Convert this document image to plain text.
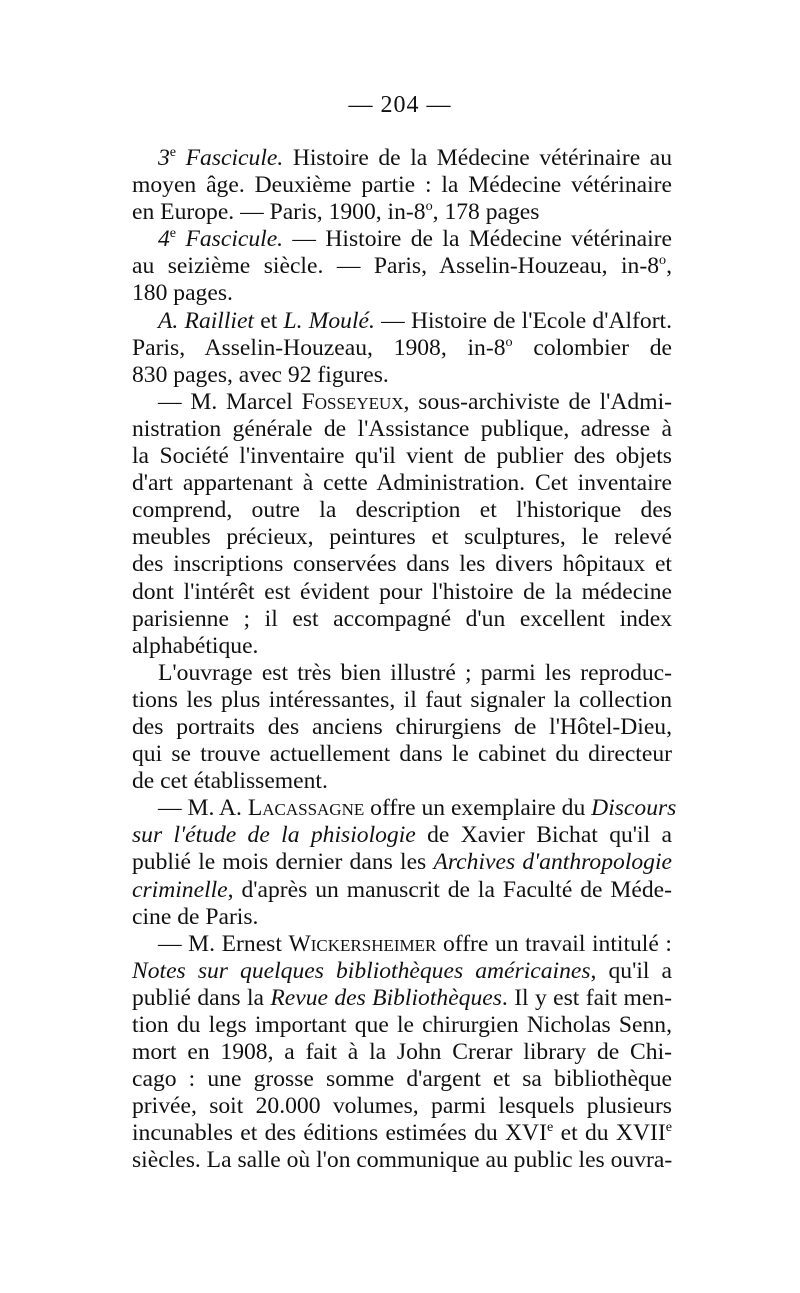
— 204 —
3e Fascicule. Histoire de la Médecine vétérinaire au
moyen âge. Deuxième partie : la Médecine vétérinaire
en Europe. — Paris, 1900, in-8$^o$, 178 pages
4e Fascicule. — Histoire de la Médecine vétérinaire
au seizième siècle. — Paris, Asselin-Houzeau, in-8$^o$,
180 pages.
A. Railliet et L. Moulé. — Histoire de l'Ecole d'Alfort.
Paris, Asselin-Houzeau, 1908, in-8$^o$ colombier de
830 pages, avec 92 figures.
— M. Marcel Fosseyeux, sous-archiviste de l'Admi-
nistration générale de l'Assistance publique, adresse à
la Société l'inventaire qu'il vient de publier des objets
d'art appartenant à cette Administration. Cet inventaire
comprend, outre la description et l'historique des
meubles précieux, peintures et sculptures, le relevé
des inscriptions conservées dans les divers hôpitaux et
dont l'intérêt est évident pour l'histoire de la médecine
parisienne ; il est accompagné d'un excellent index
alphabétique.
L'ouvrage est très bien illustré ; parmi les reproduc-
tions les plus intéressantes, il faut signaler la collection
des portraits des anciens chirurgiens de l'Hôtel-Dieu,
qui se trouve actuellement dans le cabinet du directeur
de cet établissement.
— M. A. Lacassagne offre un exemplaire du Discours
sur l'étude de la phisiologie de Xavier Bichat qu'il a
publié le mois dernier dans les Archives d'anthropologie
criminelle, d'après un manuscrit de la Faculté de Méde-
cine de Paris.
— M. Ernest Wickersheimer offre un travail intitulé :
Notes sur quelques bibliothèques américaines, qu'il a
publié dans la Revue des Bibliothèques. Il y est fait men-
tion du legs important que le chirurgien Nicholas Senn,
mort en 1908, a fait à la John Crerar library de Chi-
cago : une grosse somme d'argent et sa bibliothèque
privée, soit 20.000 volumes, parmi lesquels plusieurs
incunables et des éditions estimées du XVIe et du XVIIe
siècles. La salle où l'on communique au public les ouvra-
